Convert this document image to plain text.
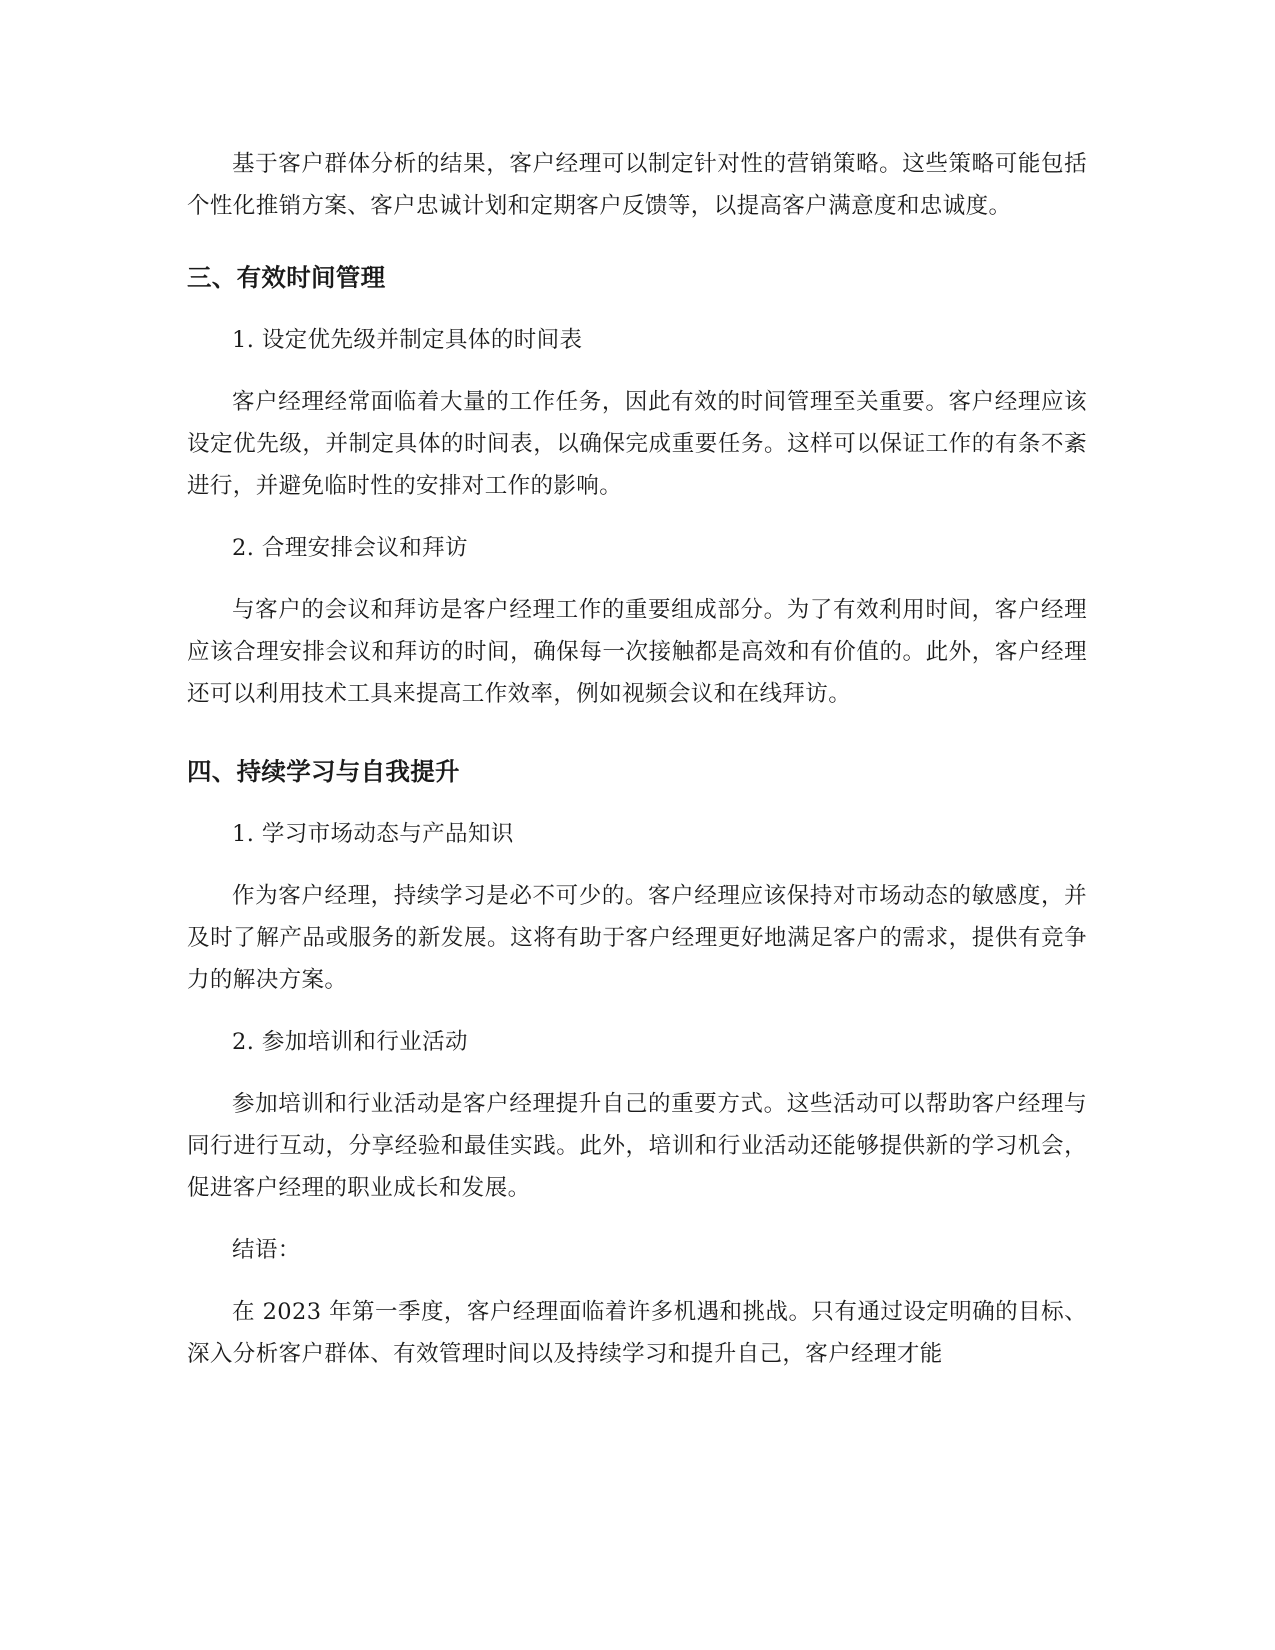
基于客户群体分析的结果，客户经理可以制定针对性的营销策略。这些策略可能包括个性化推销方案、客户忠诚计划和定期客户反馈等，以提高客户满意度和忠诚度。

三、有效时间管理
1. 设定优先级并制定具体的时间表

客户经理经常面临着大量的工作任务，因此有效的时间管理至关重要。客户经理应该设定优先级，并制定具体的时间表，以确保完成重要任务。这样可以保证工作的有条不紊进行，并避免临时性的安排对工作的影响。

2. 合理安排会议和拜访

与客户的会议和拜访是客户经理工作的重要组成部分。为了有效利用时间，客户经理应该合理安排会议和拜访的时间，确保每一次接触都是高效和有价值的。此外，客户经理还可以利用技术工具来提高工作效率，例如视频会议和在线拜访。

四、持续学习与自我提升
1. 学习市场动态与产品知识

作为客户经理，持续学习是必不可少的。客户经理应该保持对市场动态的敏感度，并及时了解产品或服务的新发展。这将有助于客户经理更好地满足客户的需求，提供有竞争力的解决方案。

2. 参加培训和行业活动

参加培训和行业活动是客户经理提升自己的重要方式。这些活动可以帮助客户经理与同行进行互动，分享经验和最佳实践。此外，培训和行业活动还能够提供新的学习机会，促进客户经理的职业成长和发展。

结语：

在 2023 年第一季度，客户经理面临着许多机遇和挑战。只有通过设定明确的目标、深入分析客户群体、有效管理时间以及持续学习和提升自己，客户经理才能
